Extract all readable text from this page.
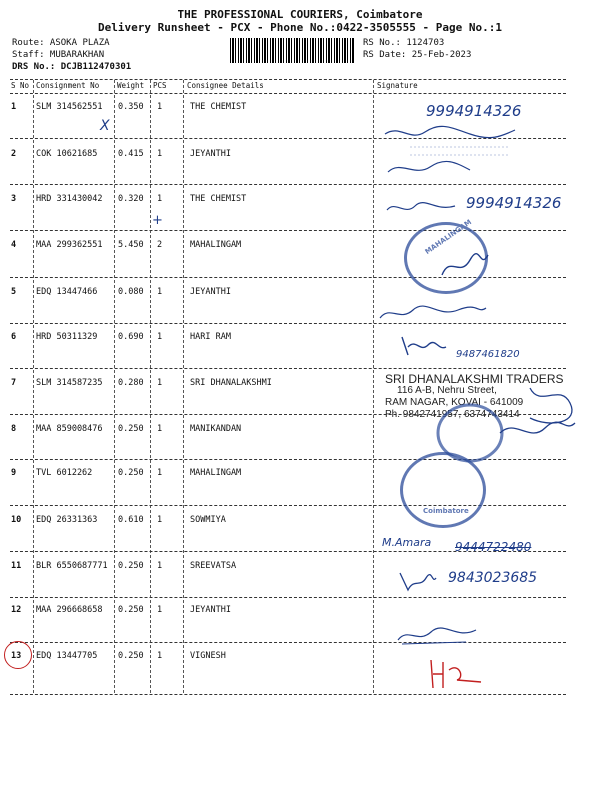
THE PROFESSIONAL COURIERS, Coimbatore
Delivery Runsheet - PCX - Phone No.:0422-3505555 - Page No.:1
Route: ASOKA PLAZA
Staff: MUBARAKHAN
DRS No.: DCJB112470301
RS No.: 1124703
RS Date: 25-Feb-2023
S No Consignment No Weight PCS	Consignee Details	Signature
1 SLM 314562551 0.350 1	THE CHEMIST
2 COK 10621685 0.415 1	JEYANTHI
3 HRD 331430042 0.320 1	THE CHEMIST
4 MAA 299362551 5.450 2	MAHALINGAM
5 EDQ 13447466 0.080 1	JEYANTHI
6 HRD 50311329 0.690 1	HARI RAM
7 SLM 314587235 0.280 1	SRI DHANALAKSHMI
8 MAA 859008476 0.250 1	MANIKANDAN
9 TVL 6012262	0.250 1	MAHALINGAM
10 EDQ 26331363 0.610 1	SOWMIYA
11 BLR 6550687771 0.250 1	SREEVATSA
12 MAA 296668658 0.250 1	JEYANTHI
13 EDQ 13447705 0.250 1	VIGNESH
X
+
9994914326
9994914326
MAHALINGAM
9487461820
SRI DHANALAKSHMI TRADERS
116 A-B, Nehru Street,
RAM NAGAR, KOVAI - 641009
Ph. 9842741957, 6374743414
Coimbatore
M.Amara 9444722480
9843023685
